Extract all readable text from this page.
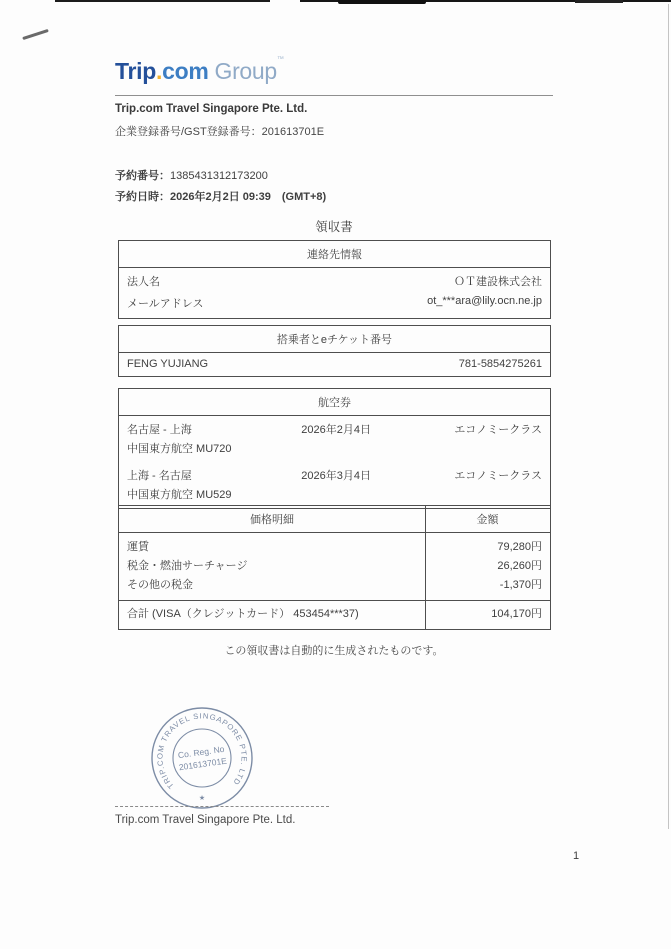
Trip.com Group™
Trip.com Travel Singapore Pte. Ltd.
企業登録番号/GST登録番号：201613701E
予約番号：1385431312173200
予約日時：2026年2月2日 09:39　(GMT+8)
領収書
連絡先情報
法人名	ＯＴ建設株式会社
メールアドレス	ot_***ara@lily.ocn.ne.jp
搭乗者とeチケット番号
FENG YUJIANG	781-5854275261
航空券
名古屋 - 上海
中国東方航空 MU720
2026年2月4日	エコノミークラス
上海 - 名古屋
中国東方航空 MU529
2026年3月4日	エコノミークラス
価格明細	金額
運賃	79,280円
税金・燃油サーチャージ	26,260円
その他の税金	-1,370円
合計 (VISA（クレジットカード） 453454***37)	104,170円
この領収書は自動的に生成されたものです。
TRIP.COM TRAVEL SINGAPORE PTE. LTD
Co. Reg. No
201613701E
★
Trip.com Travel Singapore Pte. Ltd.
1
